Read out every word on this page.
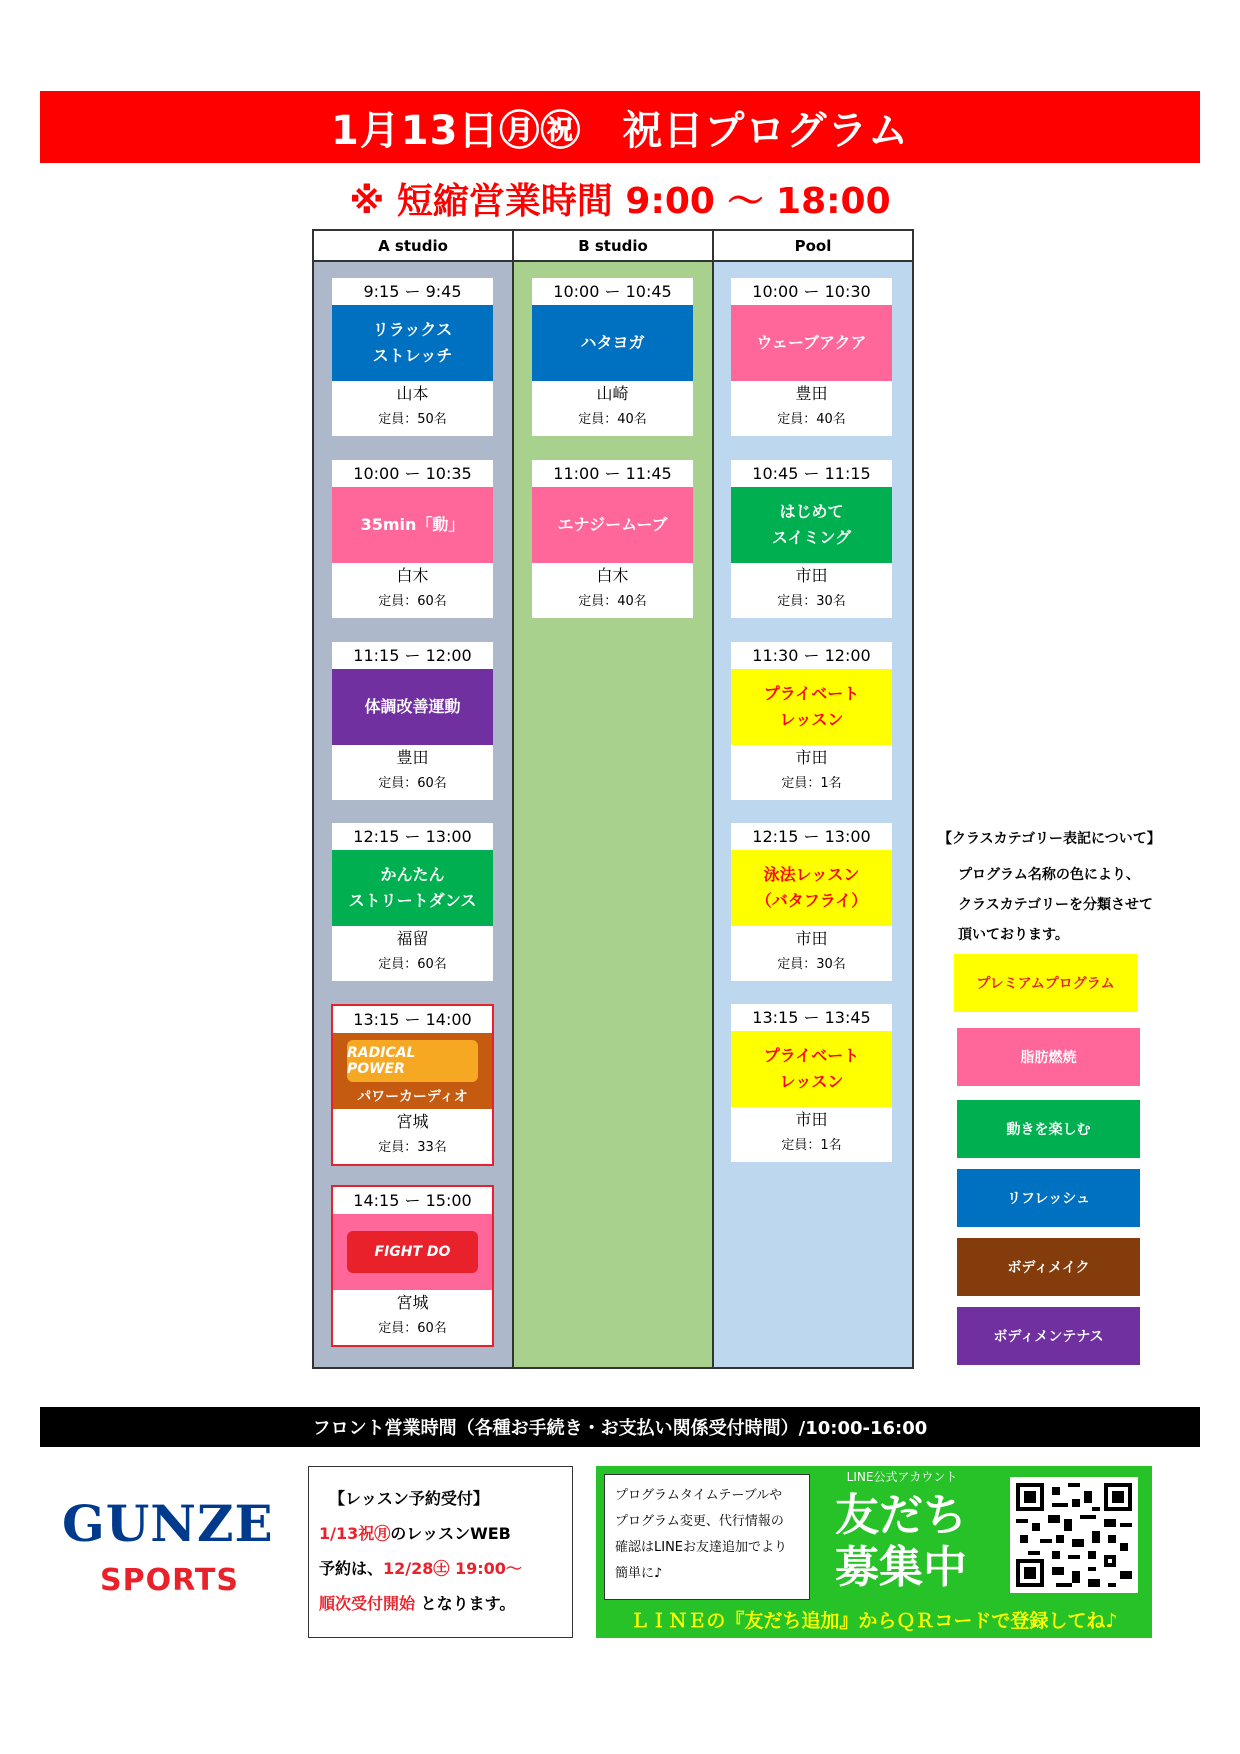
1月13日㊊㊗　祝日プログラム
※ 短縮営業時間 9:00 ～ 18:00
A studio	B studio	Pool
9:15 ー 9:45
リラックス
ストレッチ
山本
定員：50名
10:00 ー 10:35
35min「動」
白木
定員：60名
11:15 ー 12:00
体調改善運動
豊田
定員：60名
12:15 ー 13:00
かんたん
ストリートダンス
福留
定員：60名
13:15 ー 14:00
RADICAL POWER
パワーカーディオ
宮城
定員：33名
14:15 ー 15:00
FIGHT DO
宮城
定員：60名
10:00 ー 10:45
ハタヨガ
山崎
定員：40名
11:00 ー 11:45
エナジームーブ
白木
定員：40名
10:00 ー 10:30
ウェーブアクア
豊田
定員：40名
10:45 ー 11:15
はじめて
スイミング
市田
定員：30名
11:30 ー 12:00
プライベート
レッスン
市田
定員：1名
12:15 ー 13:00
泳法レッスン
（バタフライ）
市田
定員：30名
13:15 ー 13:45
プライベート
レッスン
市田
定員：1名
【クラスカテゴリー表記について】
プログラム名称の色により、
クラスカテゴリーを分類させて
頂いております。
プレミアムプログラム
脂肪燃焼
動きを楽しむ
リフレッシュ
ボディメイク
ボディメンテナス
フロント営業時間（各種お手続き・お支払い関係受付時間）/10:00-16:00
GUNZE
SPORTS
【レッスン予約受付】
1/13祝㊊のレッスンWEB
予約は、12/28㊏ 19:00～
順次受付開始 となります。
プログラムタイムテーブルや
プログラム変更、代行情報の
確認はLINEお友達追加でより
簡単に♪
LINE公式アカウント
友だち
募集中
ＬＩＮＥの『友だち追加』からＱＲコードで登録してね♪
